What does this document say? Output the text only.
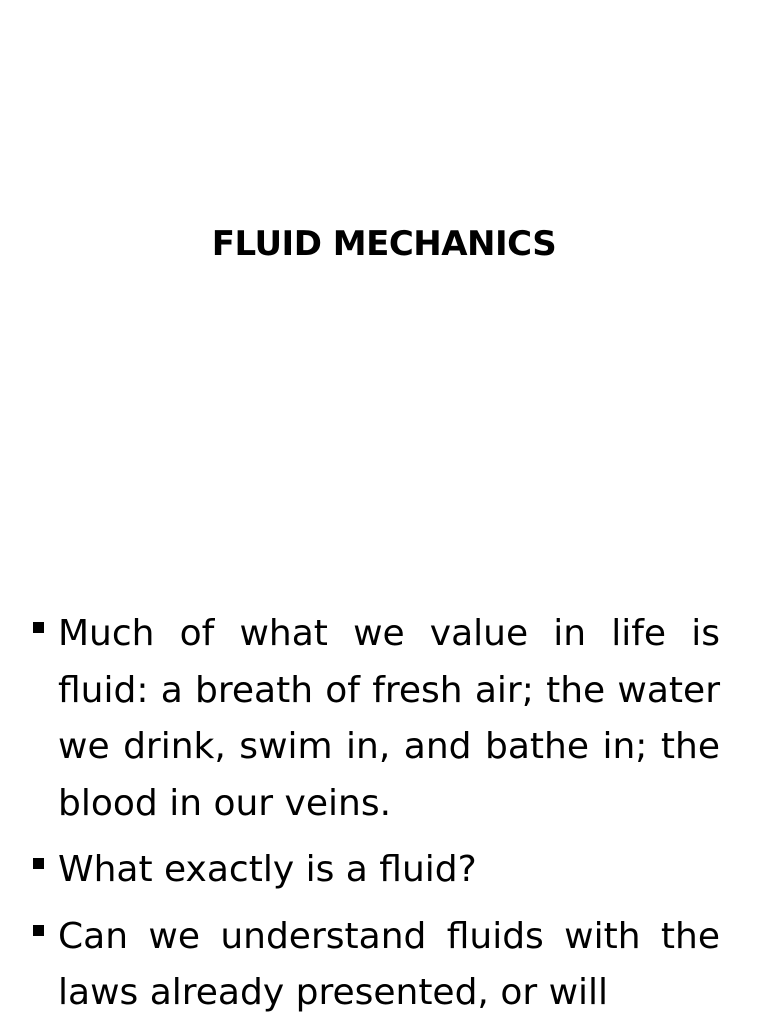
FLUID MECHANICS
Much of what we value in life is fluid: a breath of fresh air; the water we drink, swim in, and bathe in; the blood in our veins.
What exactly is a fluid?
Can we understand fluids with the laws already presented, or will
